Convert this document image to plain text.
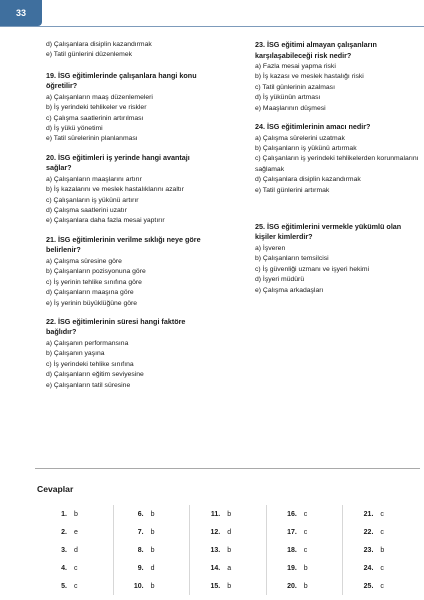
33
d) Çalışanlara disiplin kazandırmak
e) Tatil günlerini düzenlemek
19. İSG eğitimlerinde çalışanlara hangi konu öğretilir?
a) Çalışanların maaş düzenlemeleri
b) İş yerindeki tehlikeler ve riskler
c) Çalışma saatlerinin artırılması
d) İş yükü yönetimi
e) Tatil sürelerinin planlanması
20. İSG eğitimleri iş yerinde hangi avantajı sağlar?
a) Çalışanların maaşlarını artırır
b) İş kazalarını ve meslek hastalıklarını azaltır
c) Çalışanların iş yükünü artırır
d) Çalışma saatlerini uzatır
e) Çalışanlara daha fazla mesai yaptırır
21. İSG eğitimlerinin verilme sıklığı neye göre belirlenir?
a) Çalışma süresine göre
b) Çalışanların pozisyonuna göre
c) İş yerinin tehlike sınıfına göre
d) Çalışanların maaşına göre
e) İş yerinin büyüklüğüne göre
22. İSG eğitimlerinin süresi hangi faktöre bağlıdır?
a) Çalışanın performansına
b) Çalışanın yaşına
c) İş yerindeki tehlike sınıfına
d) Çalışanların eğitim seviyesine
e) Çalışanların tatil süresine
23. İSG eğitimi almayan çalışanların karşılaşabileceği risk nedir?
a) Fazla mesai yapma riski
b) İş kazası ve meslek hastalığı riski
c) Tatil günlerinin azalması
d) İş yükünün artması
e) Maaşlarının düşmesi
24. İSG eğitimlerinin amacı nedir?
a) Çalışma sürelerini uzatmak
b) Çalışanların iş yükünü artırmak
c) Çalışanların iş yerindeki tehlikelerden korunmalarını sağlamak
d) Çalışanlara disiplin kazandırmak
e) Tatil günlerini artırmak
25. İSG eğitimlerini vermekle yükümlü olan kişiler kimlerdir?
a) İşveren
b) Çalışanların temsilcisi
c) İş güvenliği uzmanı ve işyeri hekimi
d) İşyeri müdürü
e) Çalışma arkadaşları
Cevaplar
1. b
2. e
3. d
4. c
5. c
6. b
7. b
8. b
9. d
10. b
11. b
12. d
13. b
14. a
15. b
16. c
17. c
18. c
19. b
20. b
21. c
22. c
23. b
24. c
25. c
